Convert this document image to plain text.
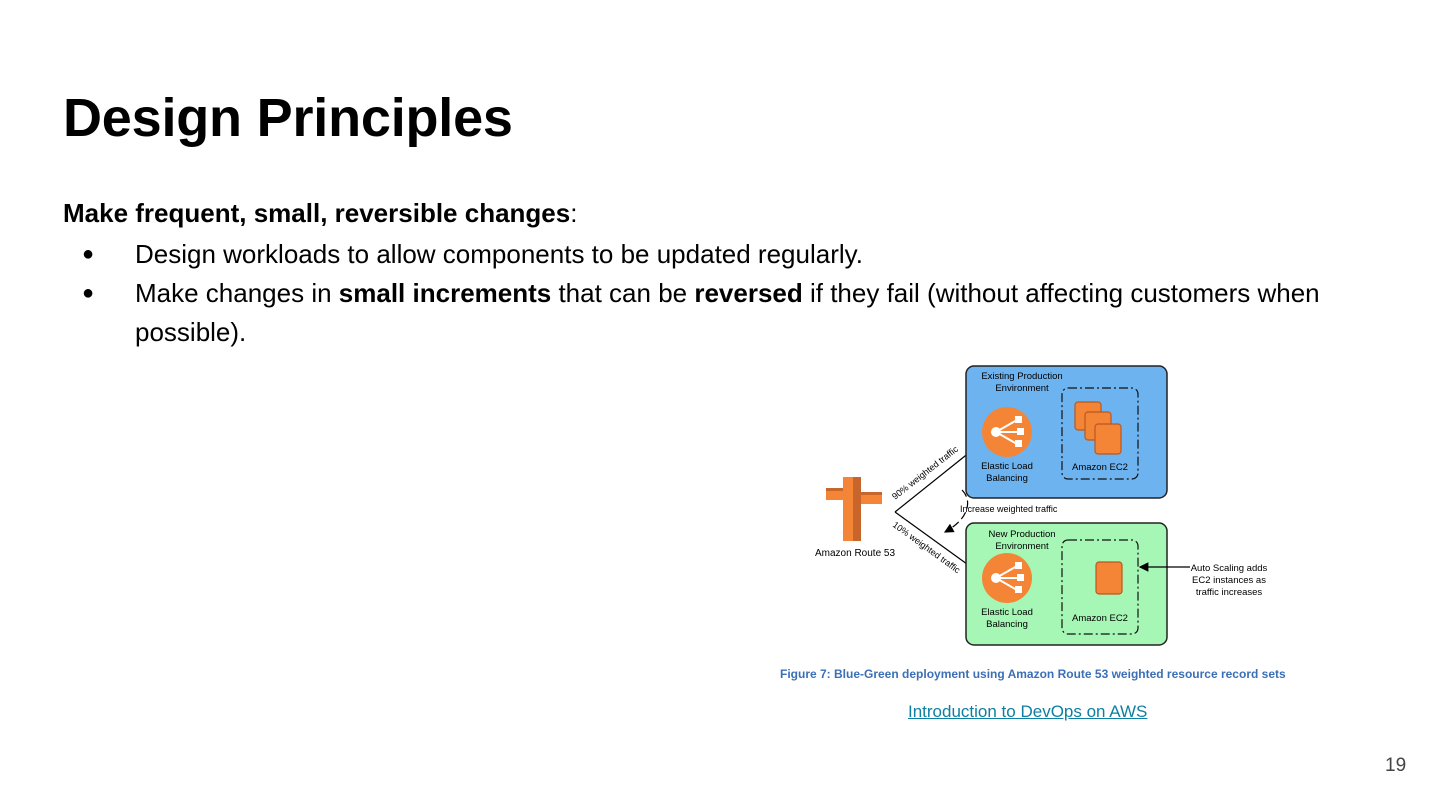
Design Principles
Make frequent, small, reversible changes:
● Design workloads to allow components to be updated regularly.
● Make changes in small increments that can be reversed if they fail (without affecting customers when possible).
Amazon Route 53
90% weighted traffic
10% weighted traffic
Increase weighted traffic
Existing Production
Environment
Elastic Load
Balancing
Amazon EC2
New Production
Environment
Elastic Load
Balancing
Amazon EC2
Auto Scaling adds
EC2 instances as
traffic increases
Figure 7: Blue-Green deployment using Amazon Route 53 weighted resource record sets
Introduction to DevOps on AWS
19
